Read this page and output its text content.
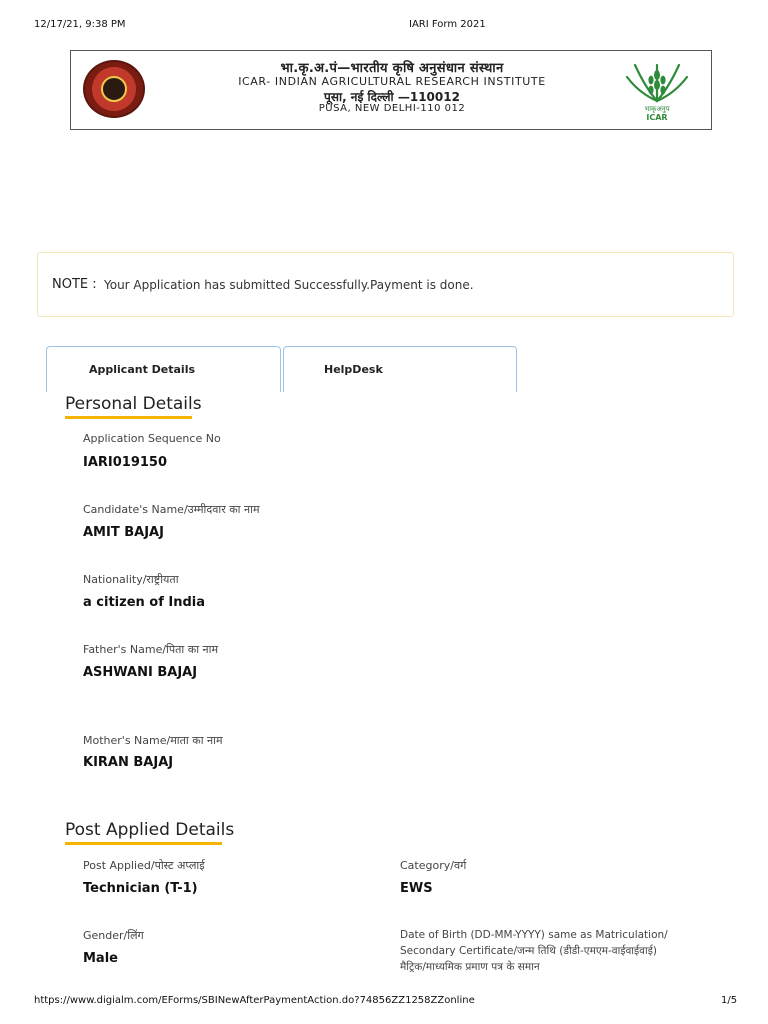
12/17/21, 9:38 PM	IARI Form 2021
भा.कृ.अ.पं—भारतीय कृषि अनुसंधान संस्थान
ICAR- INDIAN AGRICULTURAL RESEARCH INSTITUTE
पूसा, नई दिल्ली —110012
PUSA, NEW DELHI-110 012	भाकृअनुप
ICAR
NOTE : Your Application has submitted Successfully.Payment is done.
Applicant Details	HelpDesk
Personal Details
Application Sequence No
IARI019150
Candidate's Name/उम्मीदवार का नाम
AMIT BAJAJ
Nationality/राष्ट्रीयता
a citizen of India
Father's Name/पिता का नाम
ASHWANI BAJAJ
Mother's Name/माता का नाम
KIRAN BAJAJ
Post Applied Details
Post Applied/पोस्ट अप्लाई
Technician (T-1)
Category/वर्ग
EWS
Gender/लिंग
Male
Date of Birth (DD-MM-YYYY) same as Matriculation/
Secondary Certificate/जन्म तिथि (डीडी-एमएम-वाईवाईवाई)
मैट्रिक/माध्यमिक प्रमाण पत्र के समान
https://www.digialm.com/EForms/SBINewAfterPaymentAction.do?74856ZZ1258ZZonline	1/5
